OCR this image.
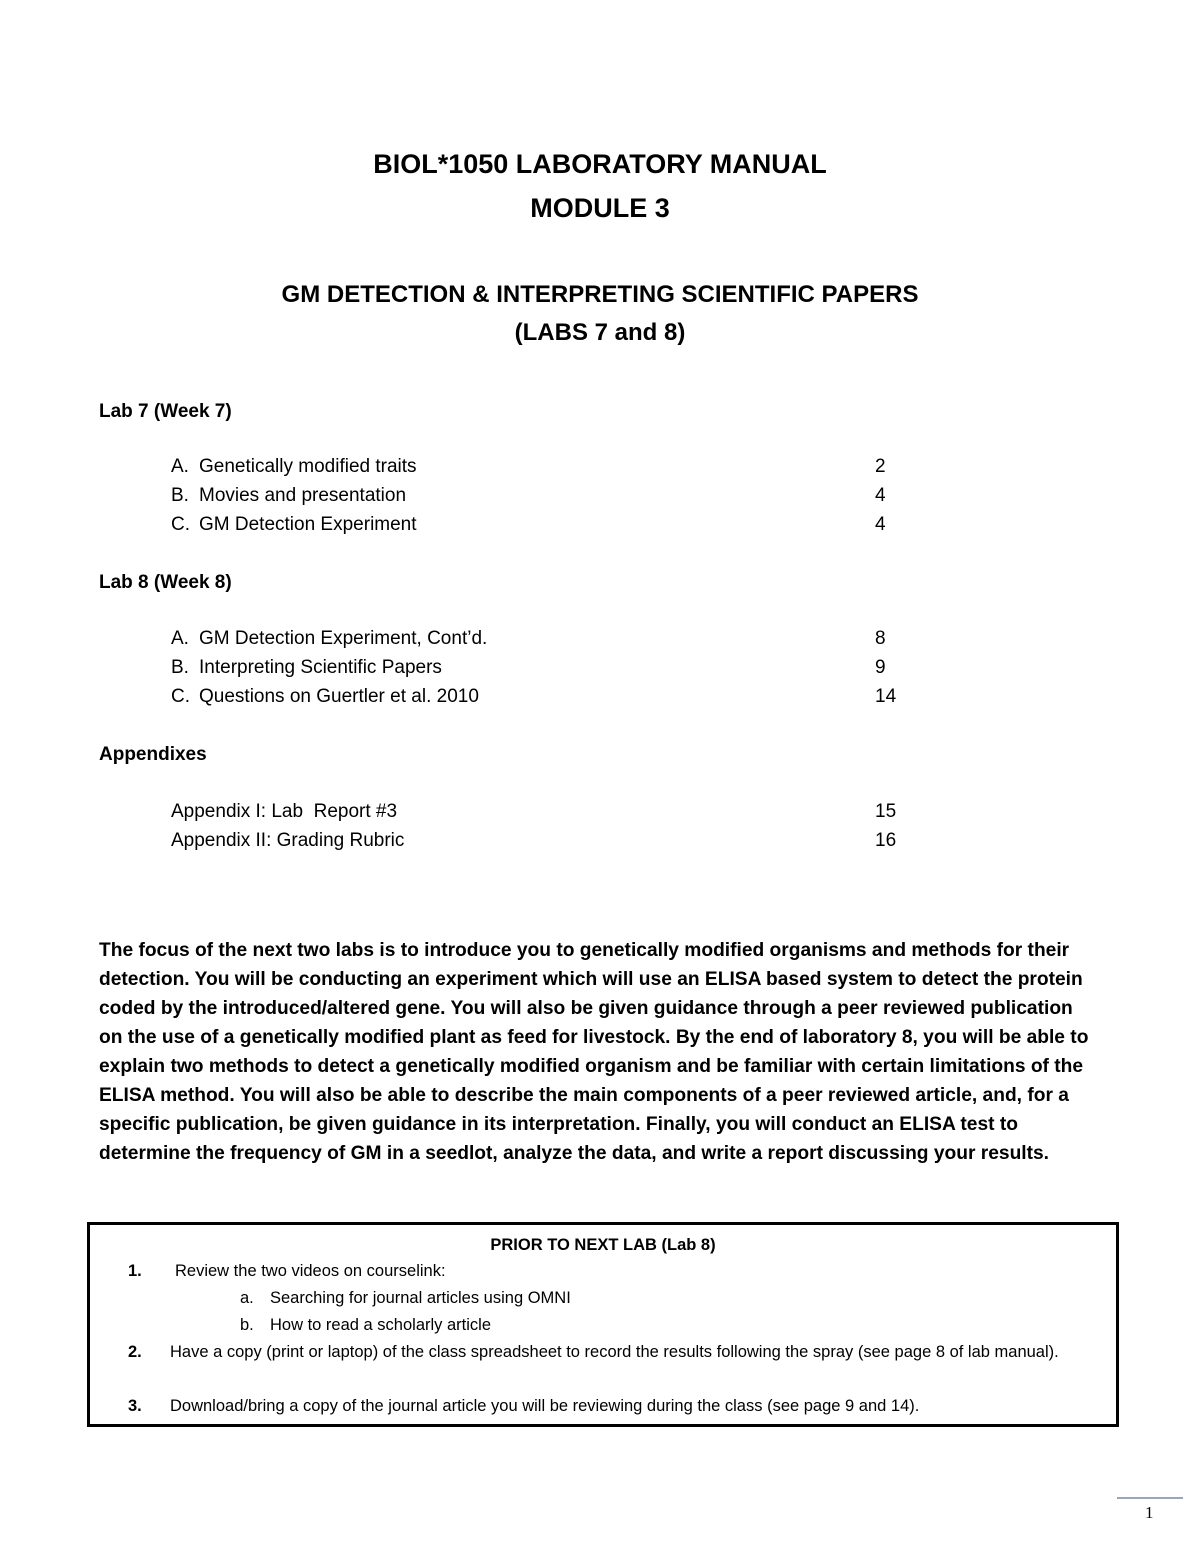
BIOL*1050 LABORATORY MANUAL
MODULE 3
GM DETECTION & INTERPRETING SCIENTIFIC PAPERS
(LABS 7 and 8)
Lab 7 (Week 7)
A. Genetically modified traits	2
B. Movies and presentation	4
C. GM Detection Experiment	4
Lab 8 (Week 8)
A. GM Detection Experiment, Cont’d.	8
B. Interpreting Scientific Papers	9
C. Questions on Guertler et al. 2010	14
Appendixes
Appendix I: Lab  Report #3	15
Appendix II: Grading Rubric	16

The focus of the next two labs is to introduce you to genetically modified organisms and methods for their detection. You will be conducting an experiment which will use an ELISA based system to detect the protein coded by the introduced/altered gene. You will also be given guidance through a peer reviewed publication on the use of a genetically modified plant as feed for livestock. By the end of laboratory 8, you will be able to explain two methods to detect a genetically modified organism and be familiar with certain limitations of the ELISA method. You will also be able to describe the main components of a peer reviewed article, and, for a specific publication, be given guidance in its interpretation. Finally, you will conduct an ELISA test to determine the frequency of GM in a seedlot, analyze the data, and write a report discussing your results.

PRIOR TO NEXT LAB (Lab 8)
1. Review the two videos on courselink:
a. Searching for journal articles using OMNI
b. How to read a scholarly article
2. Have a copy (print or laptop) of the class spreadsheet to record the results following the spray (see page 8 of lab manual).
3. Download/bring a copy of the journal article you will be reviewing during the class (see page 9 and 14).
1
